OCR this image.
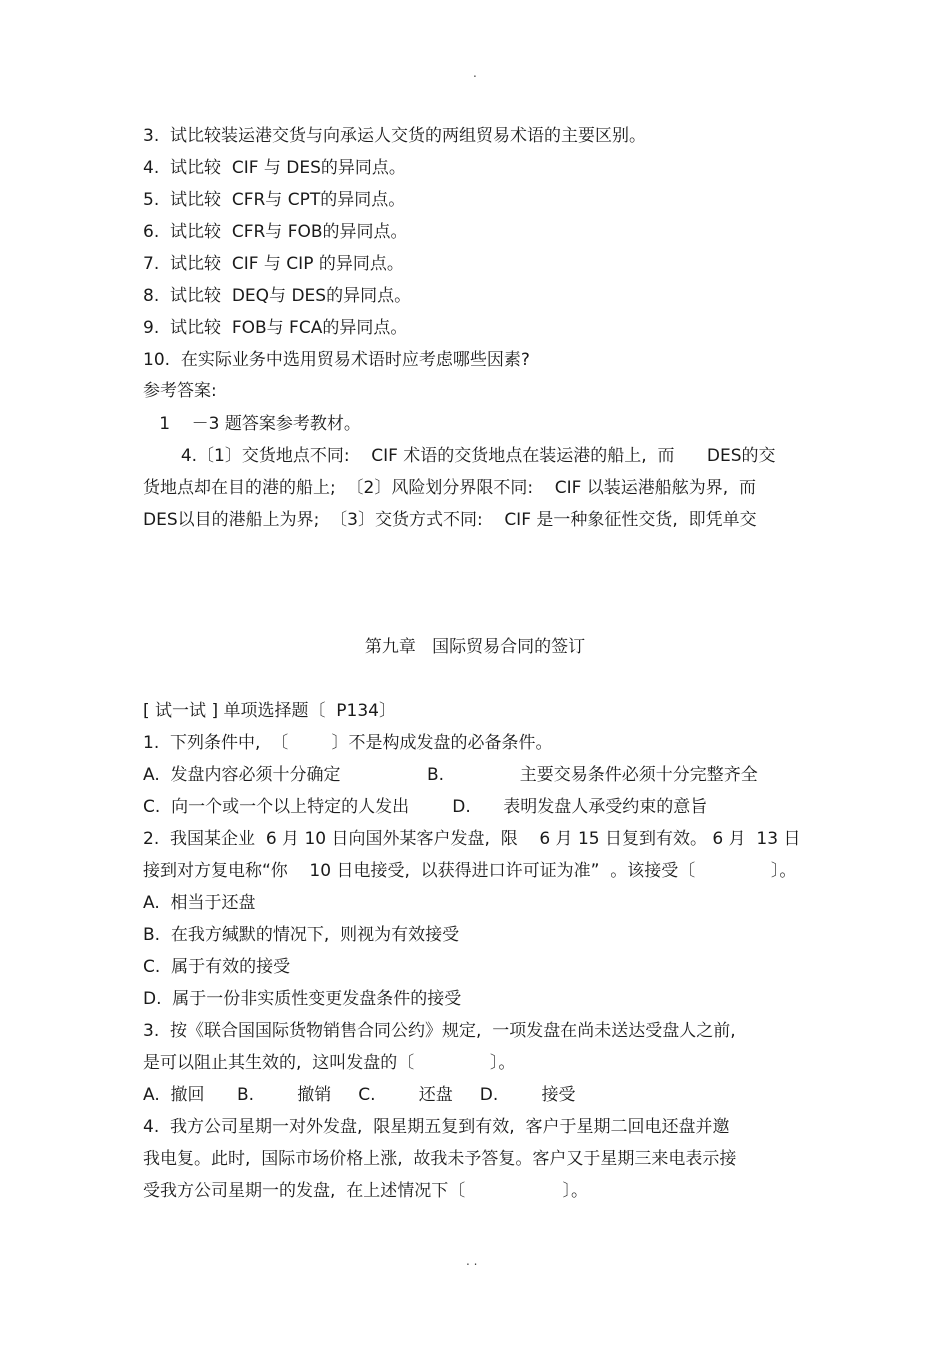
.
3.  试比较装运港交货与向承运人交货的两组贸易术语的主要区别。
4.  试比较  CIF 与 DES的异同点。
5.  试比较  CFR与 CPT的异同点。
6.  试比较  CFR与 FOB的异同点。
7.  试比较  CIF 与 CIP 的异同点。
8.  试比较  DEQ与 DES的异同点。
9.  试比较  FOB与 FCA的异同点。
10.  在实际业务中选用贸易术语时应考虑哪些因素?
参考答案:
1    －3 题答案参考教材。
4.〔1〕交货地点不同:    CIF 术语的交货地点在装运港的船上,  而      DES的交
货地点却在目的港的船上;  〔2〕风险划分界限不同:    CIF 以装运港船舷为界,  而
DES以目的港船上为界;  〔3〕交货方式不同:    CIF 是一种象征性交货,  即凭单交
第九章   国际贸易合同的签订
[ 试一试 ] 单项选择题〔  P134〕
1.  下列条件中,  〔        〕不是构成发盘的必备条件。
A.  发盘内容必须十分确定                B.              主要交易条件必须十分完整齐全
C.  向一个或一个以上特定的人发出        D.      表明发盘人承受约束的意旨
2.  我国某企业  6 月 10 日向国外某客户发盘,  限    6 月 15 日复到有效。 6 月  13 日
接到对方复电称“你    10 日电接受,  以获得进口许可证为准ˮ  。该接受〔              〕。
A.  相当于还盘
B.  在我方缄默的情况下,  则视为有效接受
C.  属于有效的接受
D.  属于一份非实质性变更发盘条件的接受
3.  按《联合国国际货物销售合同公约》规定,  一项发盘在尚未送达受盘人之前,
是可以阻止其生效的,  这叫发盘的〔              〕。
A.  撤回      B.        撤销     C.        还盘     D.        接受
4.  我方公司星期一对外发盘,  限星期五复到有效,  客户于星期二回电还盘并邀
我电复。此时,  国际市场价格上涨,  故我未予答复。客户又于星期三来电表示接
受我方公司星期一的发盘,  在上述情况下〔                  〕。
. .
